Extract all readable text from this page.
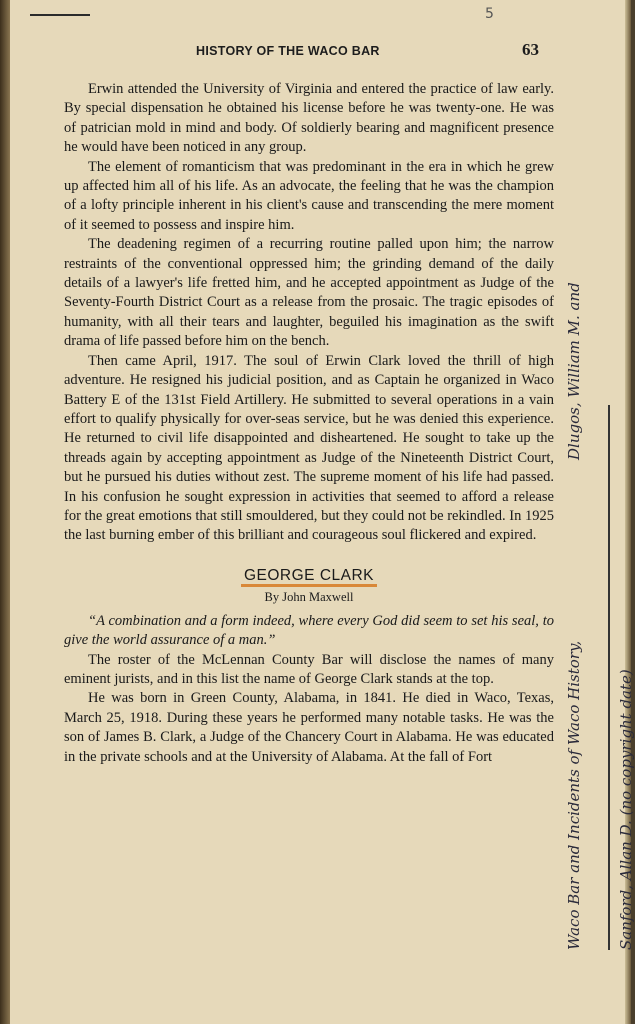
5
HISTORY OF THE WACO BAR	63

Erwin attended the University of Virginia and entered the practice of law early. By special dispensation he obtained his license before he was twenty-one. He was of patrician mold in mind and body. Of soldierly bearing and magnificent presence he would have been noticed in any group.

The element of romanticism that was predominant in the era in which he grew up affected him all of his life. As an advocate, the feeling that he was the champion of a lofty principle inherent in his client's cause and transcending the mere moment of it seemed to possess and inspire him.

The deadening regimen of a recurring routine palled upon him; the narrow restraints of the conventional oppressed him; the grinding demand of the daily details of a lawyer's life fretted him, and he accepted appointment as Judge of the Seventy-Fourth District Court as a release from the prosaic. The tragic episodes of humanity, with all their tears and laughter, beguiled his imagination as the swift drama of life passed before him on the bench.

Then came April, 1917. The soul of Erwin Clark loved the thrill of high adventure. He resigned his judicial position, and as Captain he organized in Waco Battery E of the 131st Field Artillery. He submitted to several operations in a vain effort to qualify physically for over-seas service, but he was denied this experience. He returned to civil life disappointed and disheartened. He sought to take up the threads again by accepting appointment as Judge of the Nineteenth District Court, but he pursued his duties without zest. The supreme moment of his life had passed. In his confusion he sought expression in activities that seemed to afford a release for the great emotions that still smouldered, but they could not be rekindled. In 1925 the last burning ember of this brilliant and courageous soul flickered and expired.

GEORGE CLARK
By John Maxwell

“A combination and a form indeed, where every God did seem to set his seal, to give the world assurance of a man.”

The roster of the McLennan County Bar will disclose the names of many eminent jurists, and in this list the name of George Clark stands at the top.

He was born in Green County, Alabama, in 1841. He died in Waco, Texas, March 25, 1918. During these years he performed many notable tasks. He was the son of James B. Clark, a Judge of the Chancery Court in Alabama. He was educated in the private schools and at the University of Alabama. At the fall of Fort	Waco Bar and Incidents of Waco History,
Dlugos, William M. and
Sanford, Allan D. (no copyright date)
